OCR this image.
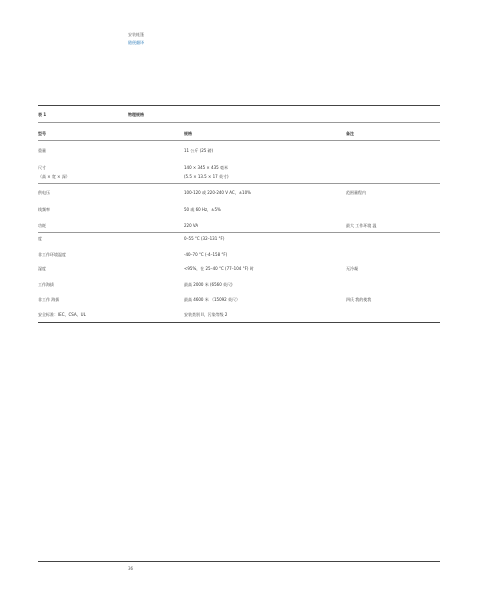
安装帐篷
随便翻译
表 1	物理规格
型号	规格	备注
重量	11 公斤 (25 磅)
尺寸	140 × 345 × 435 毫米
（高 × 宽 × 深）	(5.5 × 13.5 × 17 英寸)
供电压	100-120 或 220-240 V AC，±10%	范围量程内
线频率	50 或 60 Hz，±5%
功耗	220 VA	最大 工作环境 温
度	0–55 °C (32–131 °F)
非工作环境温度	-40–70 °C (-4–158 °F)
湿度	<95%，在 25–40 °C (77–104 °F) 时	无冷凝
工作海拔	最高 2000 米 (6560 英尺)
非工作 海拔	最高 4600 米 （15092 英尺）	四氏 我的使我
安全标准：IEC、CSA、UL	安装类别 II，污染等级 2
36
